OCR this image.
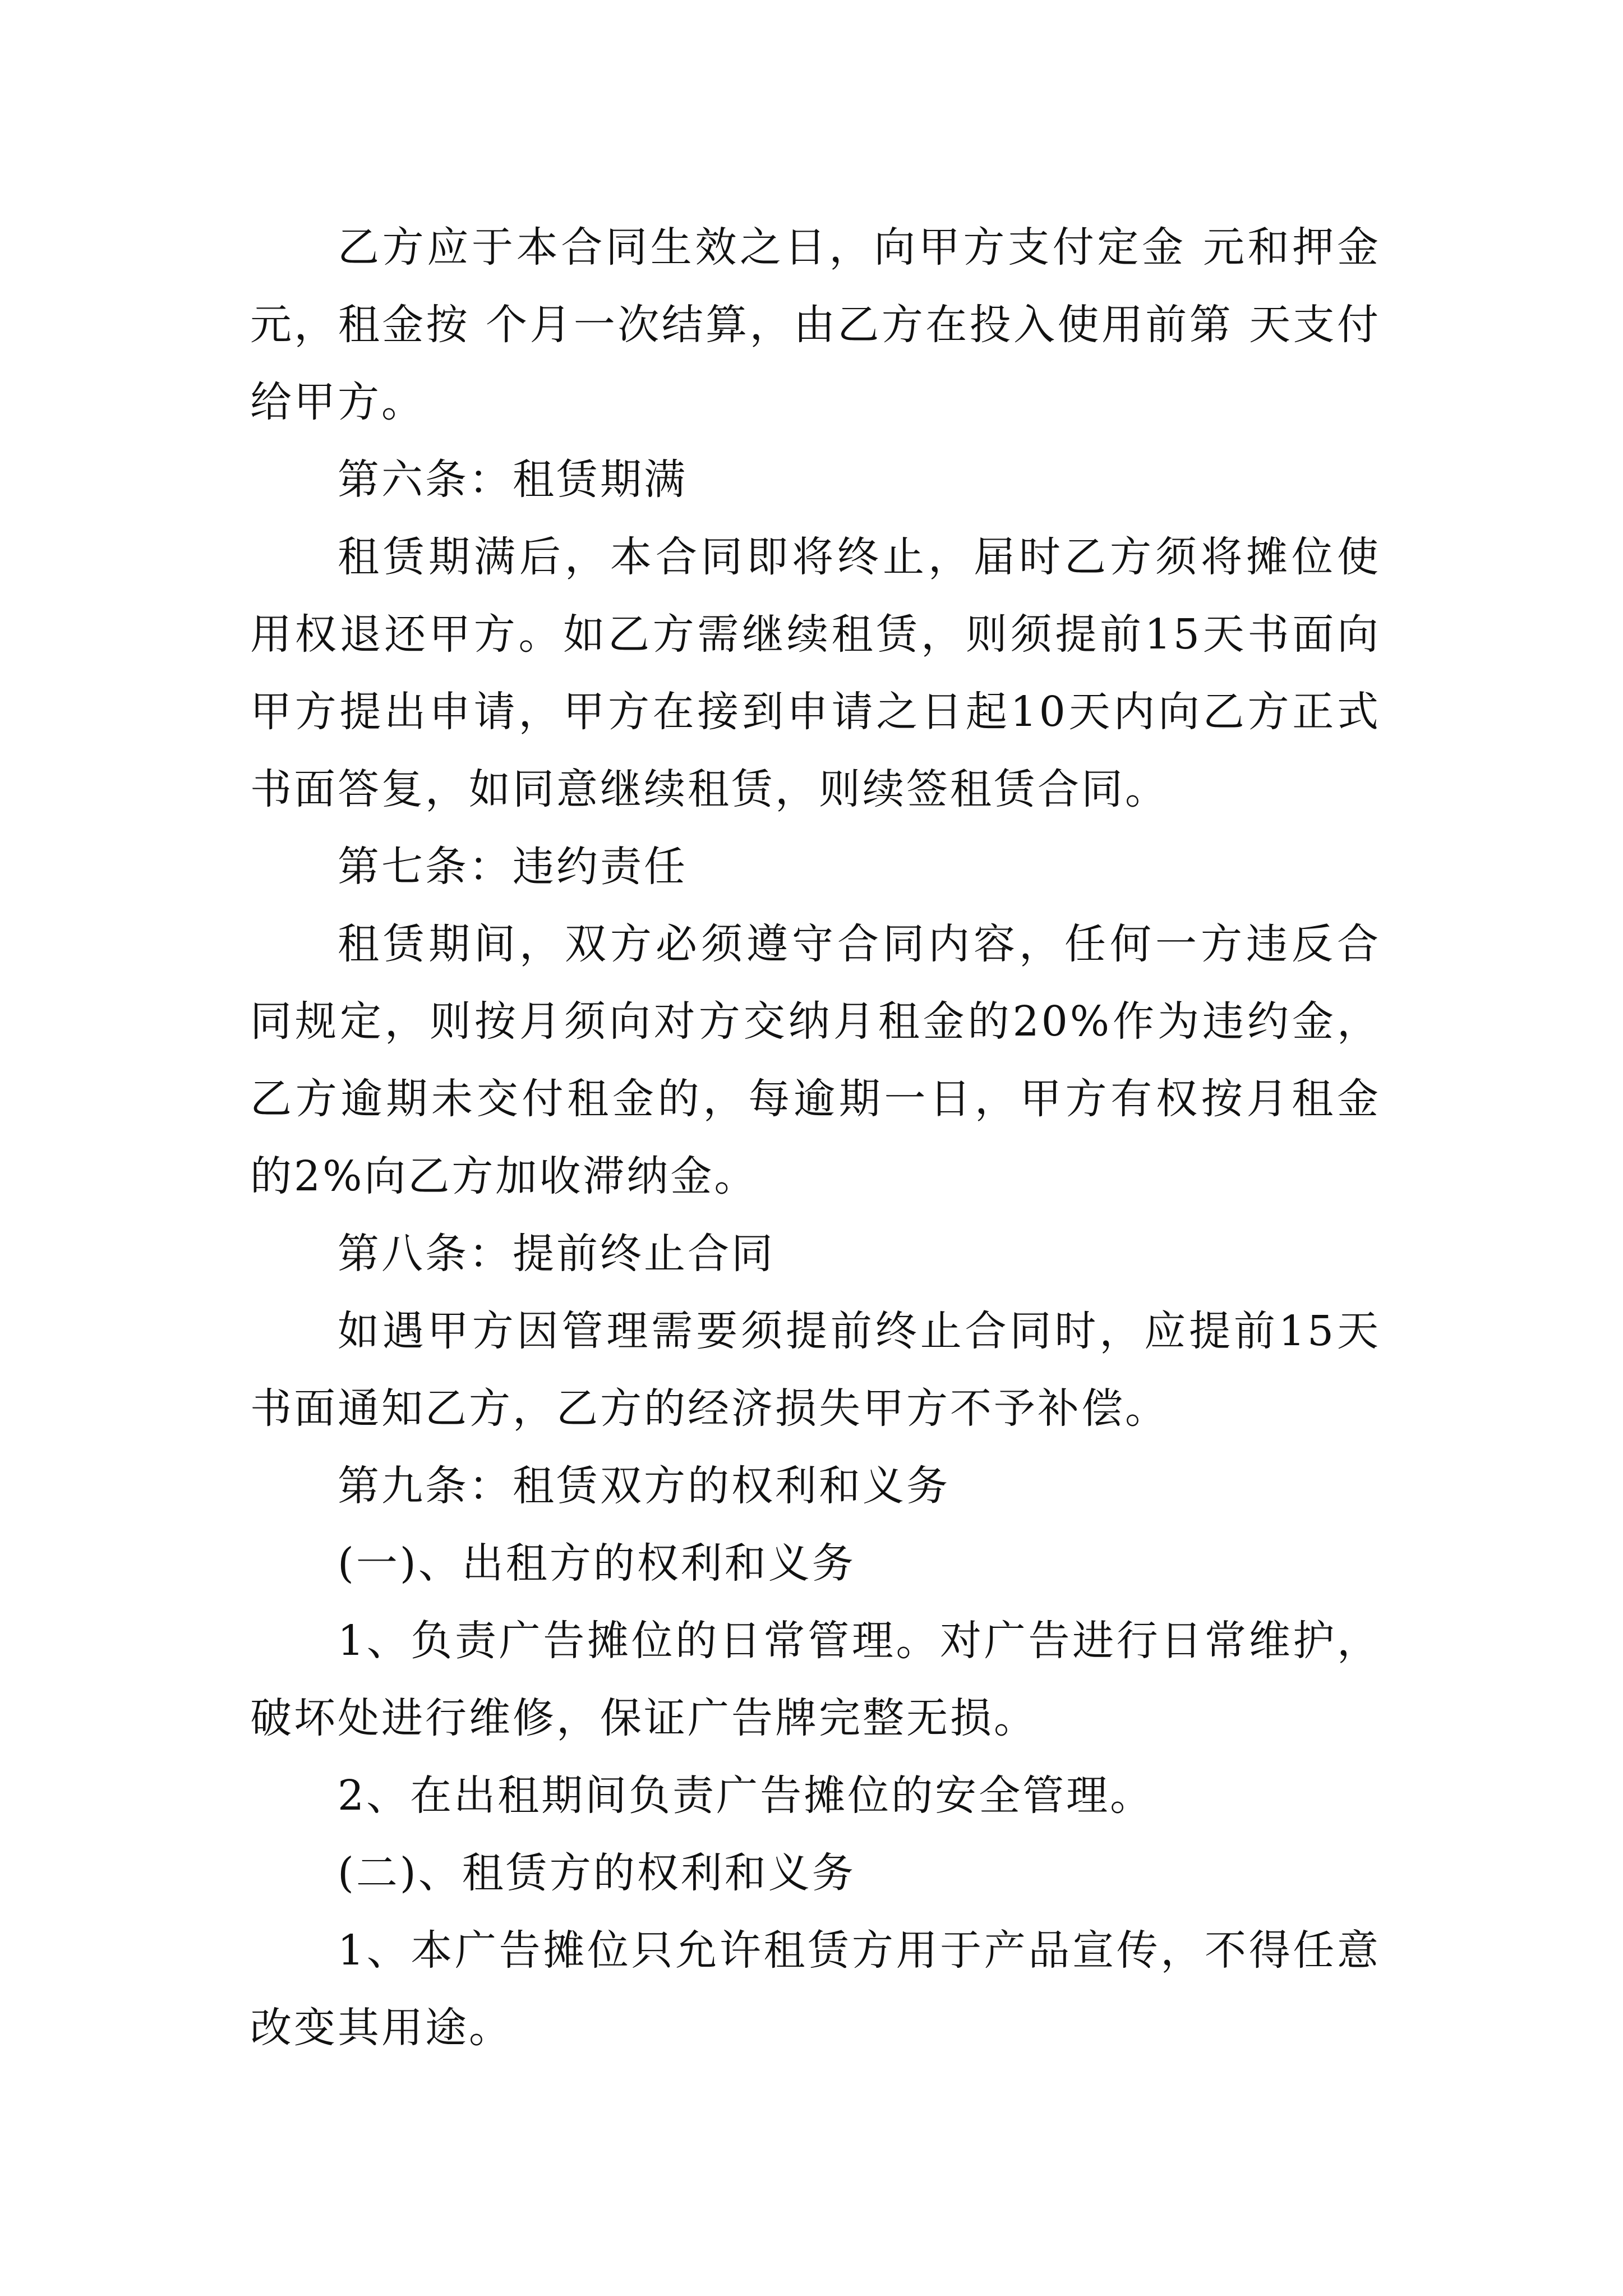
乙方应于本合同生效之日，向甲方支付定金 元和押金 元，租金按 个月一次结算，由乙方在投入使用前第 天支付给甲方。

第六条：租赁期满

租赁期满后，本合同即将终止，届时乙方须将摊位使用权退还甲方。如乙方需继续租赁，则须提前15天书面向甲方提出申请，甲方在接到申请之日起10天内向乙方正式书面答复，如同意继续租赁，则续签租赁合同。

第七条：违约责任

租赁期间，双方必须遵守合同内容，任何一方违反合同规定，则按月须向对方交纳月租金的20%作为违约金，乙方逾期未交付租金的，每逾期一日，甲方有权按月租金的2%向乙方加收滞纳金。

第八条：提前终止合同

如遇甲方因管理需要须提前终止合同时，应提前15天书面通知乙方，乙方的经济损失甲方不予补偿。

第九条：租赁双方的权利和义务

(一)、出租方的权利和义务

1、负责广告摊位的日常管理。对广告进行日常维护，破坏处进行维修，保证广告牌完整无损。

2、在出租期间负责广告摊位的安全管理。

(二)、租赁方的权利和义务

1、本广告摊位只允许租赁方用于产品宣传，不得任意改变其用途。
